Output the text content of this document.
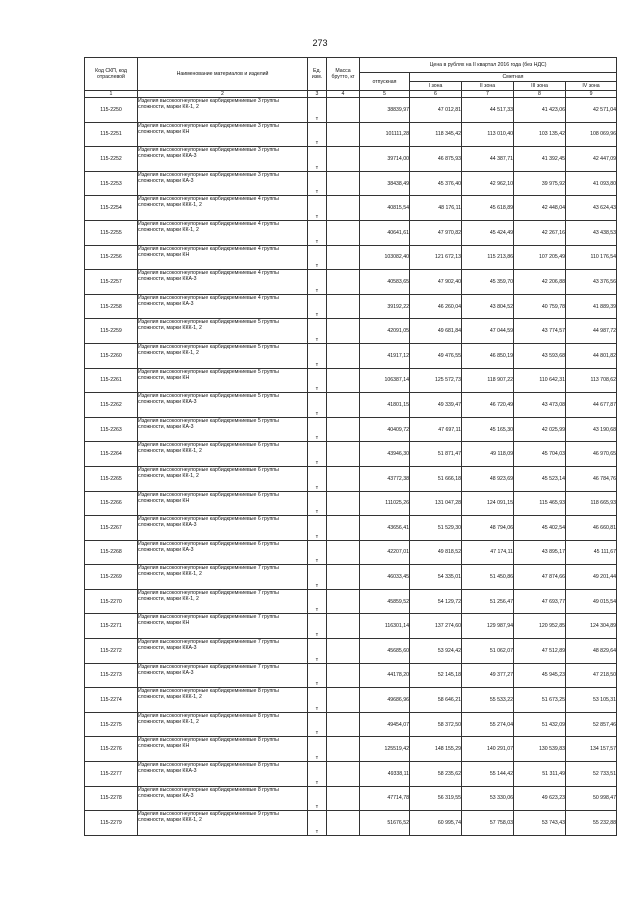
273
Код СКП, код отраслевой	Наименование материалов и изделий	Ед. изм.	Масса брутто, кг	Цена в рублях на II квартал 2016 года (без НДС)				
				отпускная	Сметная			
					I зона	II зона	III зона	IV зона
1	2	3	4	5	6	7	8	9
115-2250	Изделия высокоогнеупорные карбидкремниевые 3 группы сложности, марки КК-1, 2	т		38839,97	47 012,81	44 517,33	41 423,06	42 571,04
115-2251	Изделия высокоогнеупорные карбидкремниевые 3 группы сложности, марки КН	т		101111,28	118 345,42	113 010,40	103 135,42	108 069,96
115-2252	Изделия высокоогнеупорные карбидкремниевые 3 группы сложности, марки ККА-3	т		39714,00	46 875,93	44 387,71	41 392,45	42 447,09
115-2253	Изделия высокоогнеупорные карбидкремниевые 3 группы сложности, марки КА-3	т		38438,49	45 376,40	42 962,10	39 975,92	41 093,80
115-2254	Изделия высокоогнеупорные карбидкремниевые 4 группы сложности, марки ККК-1, 2	т		40815,54	48 176,11	45 618,89	42 448,04	43 624,43
115-2255	Изделия высокоогнеупорные карбидкремниевые 4 группы сложности, марки КК-1, 2	т		40641,61	47 970,82	45 424,49	42 267,16	43 438,53
115-2256	Изделия высокоогнеупорные карбидкремниевые 4 группы сложности, марки КН	т		103082,40	121 672,13	115 213,86	107 205,49	110 176,54
115-2257	Изделия высокоогнеупорные карбидкремниевые 4 группы сложности, марки ККА-3	т		40583,65	47 902,40	45 359,70	42 206,88	43 376,56
115-2258	Изделия высокоогнеупорные карбидкремниевые 4 группы сложности, марки КА-3	т		39192,22	46 260,04	43 804,52	40 759,78	41 889,39
115-2259	Изделия высокоогнеупорные карбидкремниевые 5 группы сложности, марки ККК-1, 2	т		42091,05	49 681,84	47 044,59	43 774,57	44 987,72
115-2260	Изделия высокоогнеупорные карбидкремниевые 5 группы сложности, марки КК-1, 2	т		41917,12	49 476,55	46 850,19	43 593,68	44 801,82
115-2261	Изделия высокоогнеупорные карбидкремниевые 5 группы сложности, марки КН	т		106387,14	125 572,73	118 907,22	110 642,31	113 708,62
115-2262	Изделия высокоогнеупорные карбидкремниевые 5 группы сложности, марки ККА-3	т		41801,15	49 339,47	46 720,49	43 473,08	44 677,87
115-2263	Изделия высокоогнеупорные карбидкремниевые 5 группы сложности, марки КА-3	т		40409,72	47 697,11	45 165,30	42 025,99	43 190,68
115-2264	Изделия высокоогнеупорные карбидкремниевые 6 группы сложности, марки ККК-1, 2	т		43946,30	51 871,47	49 118,09	45 704,03	46 970,65
115-2265	Изделия высокоогнеупорные карбидкремниевые 6 группы сложности, марки КК-1, 2	т		43772,38	51 666,18	48 923,69	45 523,14	46 784,76
115-2266	Изделия высокоогнеупорные карбидкремниевые 6 группы сложности, марки КН	т		111025,26	131 047,28	124 091,15	115 465,93	118 665,93
115-2267	Изделия высокоогнеупорные карбидкремниевые 6 группы сложности, марки ККА-3	т		43656,41	51 529,30	48 794,06	45 402,54	46 660,81
115-2268	Изделия высокоогнеупорные карбидкремниевые 6 группы сложности, марки КА-3	т		42207,01	49 818,52	47 174,11	43 895,17	45 111,67
115-2269	Изделия высокоогнеупорные карбидкремниевые 7 группы сложности, марки ККК-1, 2	т		46033,45	54 335,01	51 450,86	47 874,66	49 201,44
115-2270	Изделия высокоогнеупорные карбидкремниевые 7 группы сложности, марки КК-1, 2	т		45859,52	54 129,72	51 256,47	47 693,77	49 015,54
115-2271	Изделия высокоогнеупорные карбидкремниевые 7 группы сложности, марки КН	т		116301,14	137 274,60	129 987,94	120 952,85	124 304,89
115-2272	Изделия высокоогнеупорные карбидкремниевые 7 группы сложности, марки ККА-3	т		45685,60	53 924,42	51 062,07	47 512,89	48 829,64
115-2273	Изделия высокоогнеупорные карбидкремниевые 7 группы сложности, марки КА-3	т		44178,20	52 145,18	49 377,27	45 945,23	47 218,50
115-2274	Изделия высокоогнеупорные карбидкремниевые 8 группы сложности, марки ККК-1, 2	т		49686,96	58 646,21	55 533,22	51 673,25	53 105,31
115-2275	Изделия высокоогнеупорные карбидкремниевые 8 группы сложности, марки КК-1, 2	т		49454,07	58 372,50	55 274,04	51 432,09	52 857,46
115-2276	Изделия высокоогнеупорные карбидкремниевые 8 группы сложности, марки КН	т		125519,42	148 155,29	140 291,07	130 539,83	134 157,57
115-2277	Изделия высокоогнеупорные карбидкремниевые 8 группы сложности, марки ККА-3	т		49338,11	58 235,62	55 144,42	51 311,49	52 733,51
115-2278	Изделия высокоогнеупорные карбидкремниевые 8 группы сложности, марки КА-3	т		47714,78	56 319,55	53 330,06	49 623,23	50 998,47
115-2279	Изделия высокоогнеупорные карбидкремниевые 9 группы сложности, марки ККК-1, 2	т		51676,52	60 995,74	57 758,03	53 743,43	55 232,88
